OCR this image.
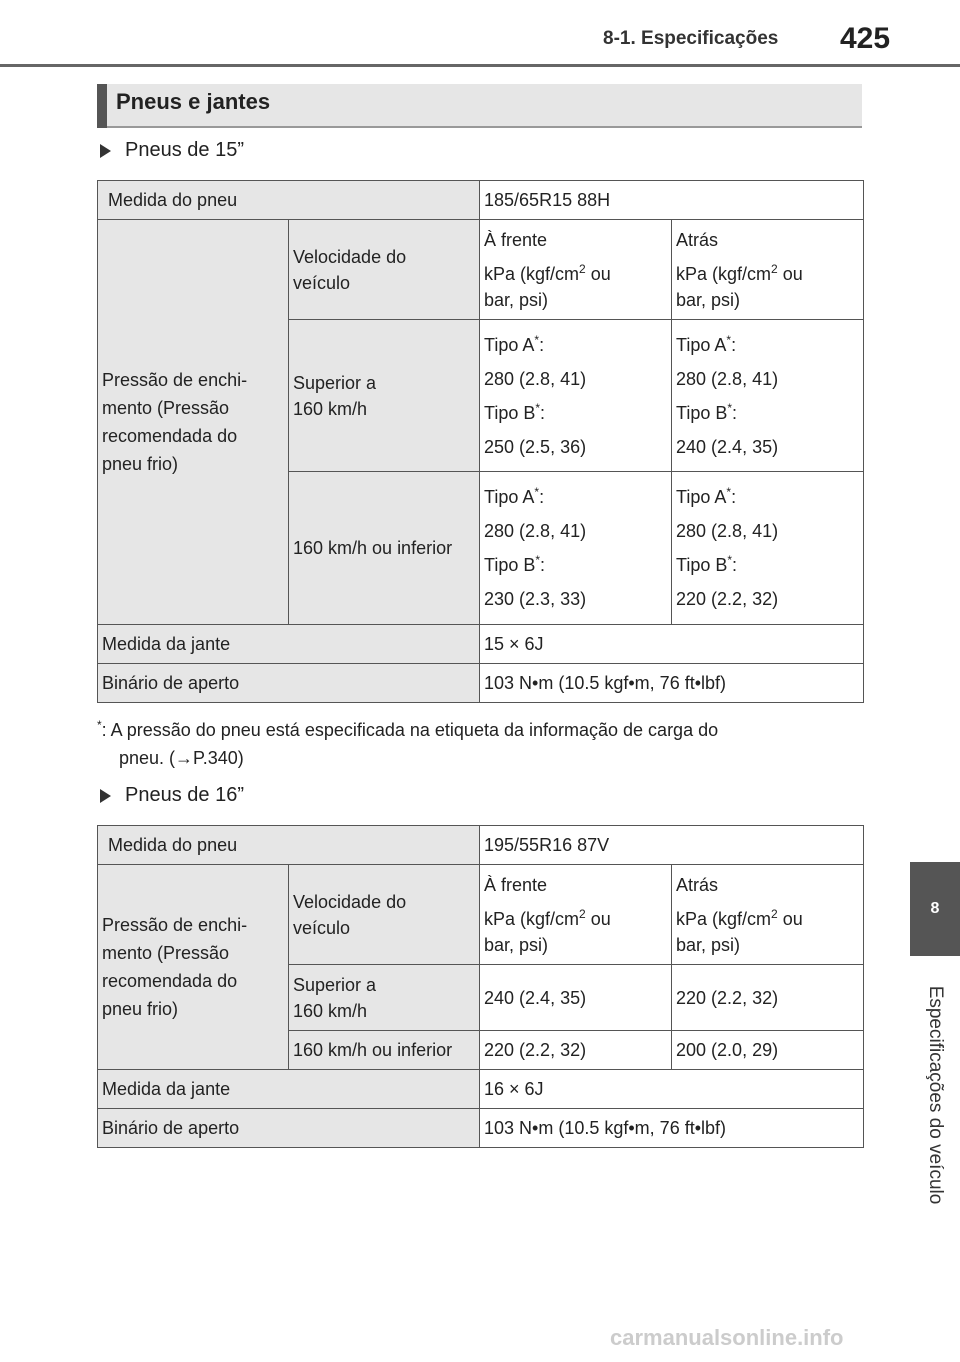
8-1. Especificações 425
8
Especificações do veículo
Pneus e jantes
Pneus de 15”
Medida do pneu		185/65R15 88H	

Pressão de enchi-
mento (Pressão
recomendada do
pneu frio)	Velocidade do
veículo	À frente
kPa ($kgf/cm^2$ ou
bar, psi)	Atrás
kPa ($kgf/cm^2$ ou
bar, psi)

	Superior a
160 km/h	Tipo A*:
280 (2.8, 41)
Tipo B*:
250 (2.5, 36)	Tipo A*:
280 (2.8, 41)
Tipo B*:
240 (2.4, 35)

	160 km/h ou inferior	Tipo A*:
280 (2.8, 41)
Tipo B*:
230 (2.3, 33)	Tipo A*:
280 (2.8, 41)
Tipo B*:
220 (2.2, 32)

Medida da jante		15 × 6J	
Binário de aperto		103 N•m (10.5 kgf•m, 76 ft•lbf)	
*: A pressão do pneu está especificada na etiqueta da informação de carga do
pneu. (→P.340)
Pneus de 16”
Medida do pneu		195/55R16 87V	

Pressão de enchi-
mento (Pressão
recomendada do
pneu frio)	Velocidade do
veículo	À frente
kPa ($kgf/cm^2$ ou
bar, psi)	Atrás
kPa ($kgf/cm^2$ ou
bar, psi)

	Superior a
160 km/h	240 (2.4, 35)	220 (2.2, 32)
	160 km/h ou inferior	220 (2.2, 32)	200 (2.0, 29)
Medida da jante		16 × 6J	
Binário de aperto		103 N•m (10.5 kgf•m, 76 ft•lbf)	
carmanualsonline.info
